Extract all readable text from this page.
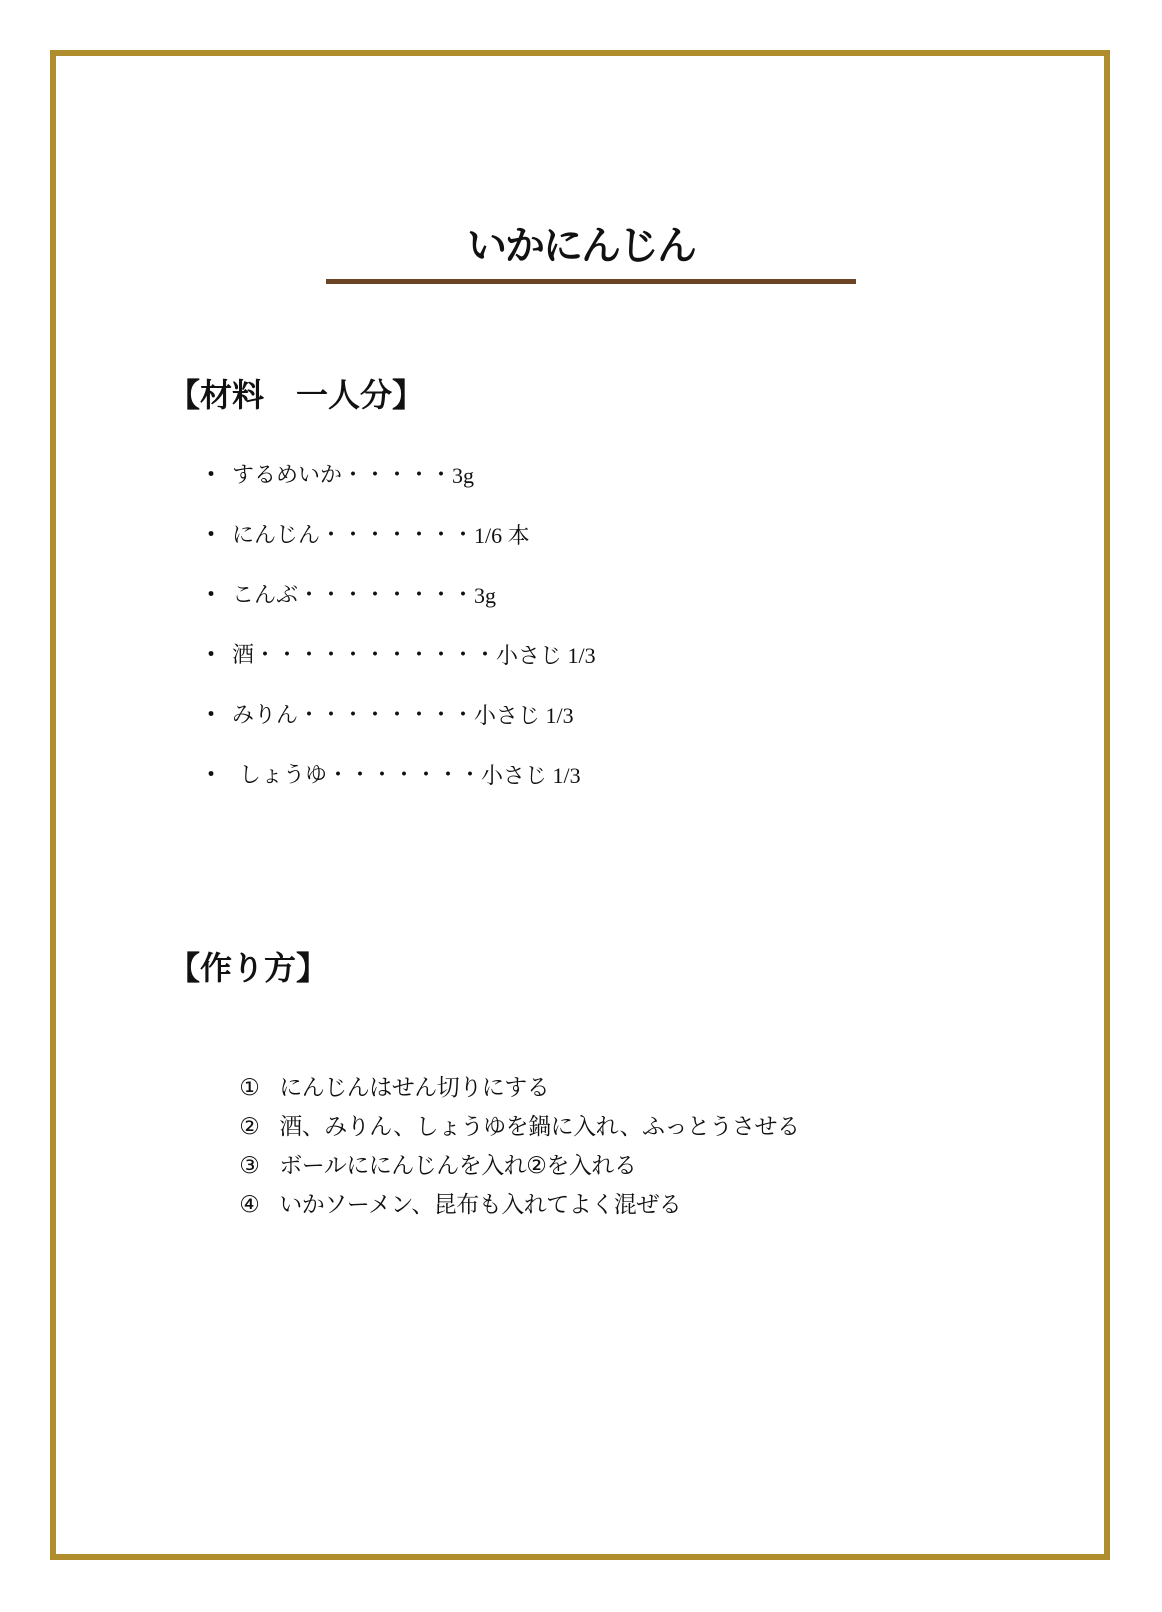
いかにんじん
【材料　一人分】
・ するめいか ・・・・・ 3g
・ にんじん ・・・・・・・ 1/6 本
・ こんぶ ・・・・・・・・ 3g
・ 酒 ・・・・・・・・・・・ 小さじ 1/3
・ みりん ・・・・・・・・ 小さじ 1/3
・ しょうゆ ・・・・・・・ 小さじ 1/3
【作り方】

① にんじんはせん切りにする

② 酒、みりん、しょうゆを鍋に入れ、ふっとうさせる

③ ボールににんじんを入れ②を入れる

④ いかソーメン、昆布も入れてよく混ぜる
